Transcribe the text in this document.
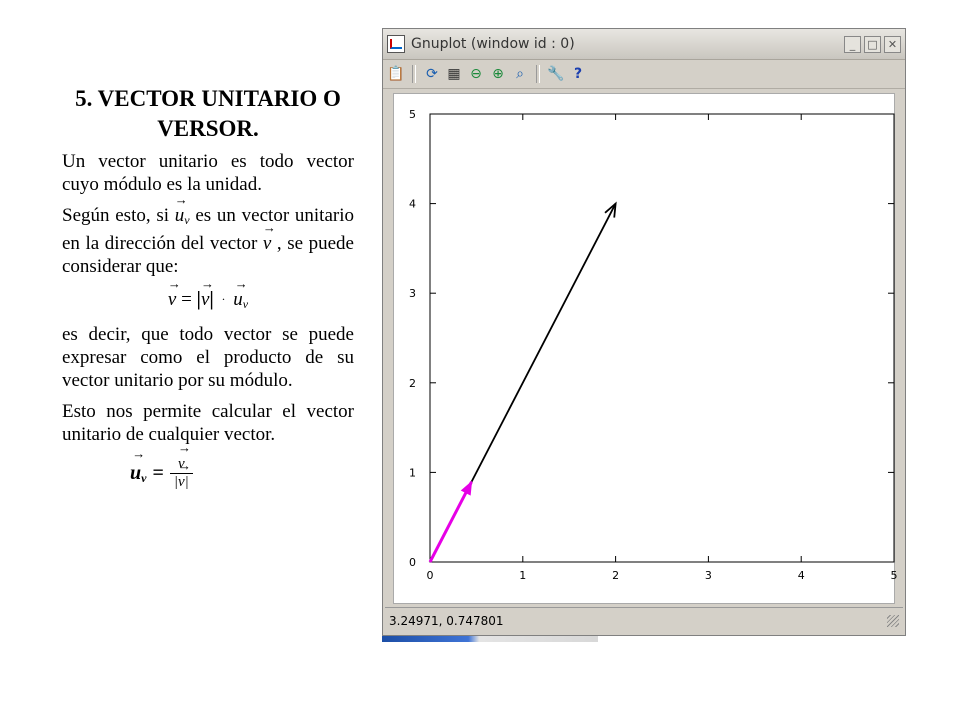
5. VECTOR UNITARIO O VERSOR.

Un vector unitario es todo vector cuyo módulo es la unidad.

Según esto, si → $u_v$ es un vector unitario en la dirección del vector → v , se puede considerar que:

→ v = |→ v| · → $u_v$

es decir, que todo vector se puede expresar como el producto de su vector unitario por su módulo.

Esto nos permite calcular el vector unitario de cualquier vector.

→ $u_v$ = → $\frac{v}{|\to v|}$
Gnuplot (window id : 0)	_	□ ✕
📋 ⟳ ▦ ⊖ ⊕ ⌕	🔧 ?
0	1	2	3	4	5
0
1
2
3
4
5
3.24971, 0.747801
